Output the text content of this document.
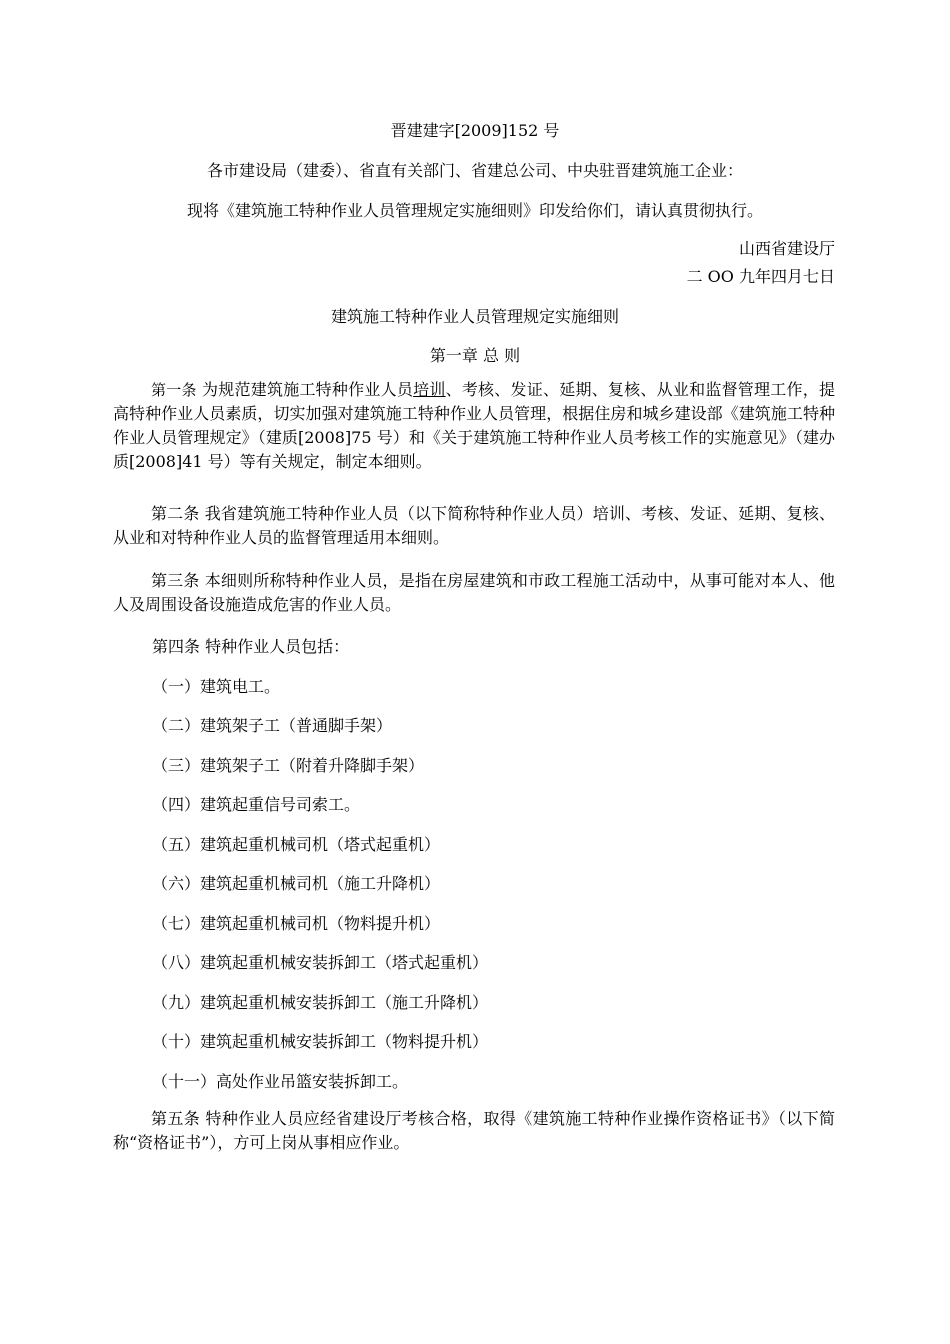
晋建建字[2009]152 号
各市建设局（建委）、省直有关部门、省建总公司、中央驻晋建筑施工企业：
现将《建筑施工特种作业人员管理规定实施细则》印发给你们，请认真贯彻执行。
山西省建设厅
二 OO 九年四月七日
建筑施工特种作业人员管理规定实施细则
第一章 总 则
第一条 为规范建筑施工特种作业人员培训、考核、发证、延期、复核、从业和监督管理工作，提高特种作业人员素质，切实加强对建筑施工特种作业人员管理，根据住房和城乡建设部《建筑施工特种作业人员管理规定》（建质[2008]75 号）和《关于建筑施工特种作业人员考核工作的实施意见》（建办质[2008]41 号）等有关规定，制定本细则。
第二条 我省建筑施工特种作业人员（以下简称特种作业人员）培训、考核、发证、延期、复核、从业和对特种作业人员的监督管理适用本细则。
第三条 本细则所称特种作业人员，是指在房屋建筑和市政工程施工活动中，从事可能对本人、他人及周围设备设施造成危害的作业人员。
第四条 特种作业人员包括：
（一）建筑电工。
（二）建筑架子工（普通脚手架）
（三）建筑架子工（附着升降脚手架）
（四）建筑起重信号司索工。
（五）建筑起重机械司机（塔式起重机）
（六）建筑起重机械司机（施工升降机）
（七）建筑起重机械司机（物料提升机）
（八）建筑起重机械安装拆卸工（塔式起重机）
（九）建筑起重机械安装拆卸工（施工升降机）
（十）建筑起重机械安装拆卸工（物料提升机）
（十一）高处作业吊篮安装拆卸工。
第五条 特种作业人员应经省建设厅考核合格，取得《建筑施工特种作业操作资格证书》（以下简称“资格证书”），方可上岗从事相应作业。
